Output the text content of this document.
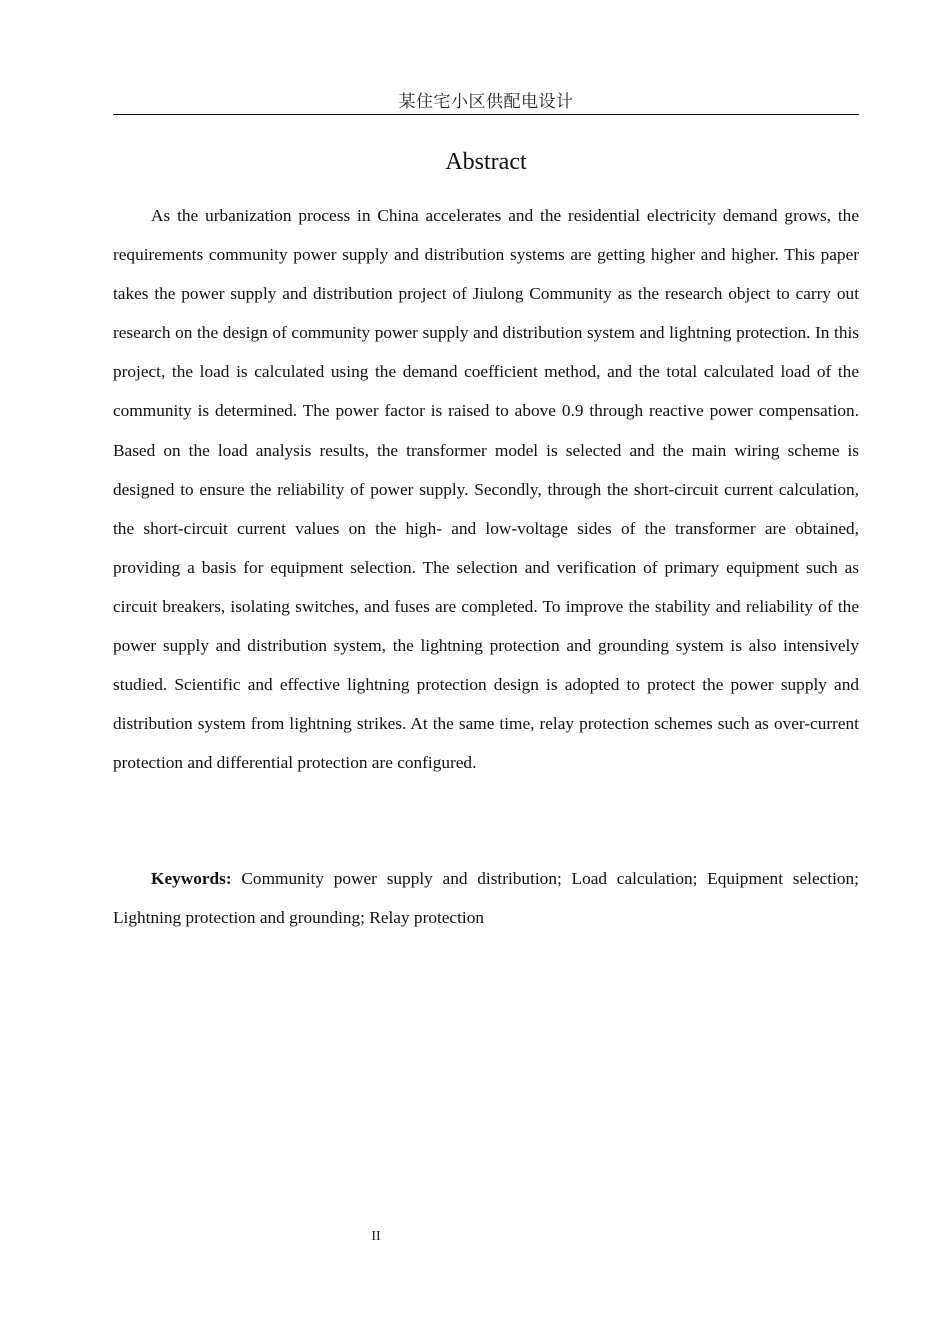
某住宅小区供配电设计
Abstract

As the urbanization process in China accelerates and the residential electricity demand grows, the requirements community power supply and distribution systems are getting higher and higher. This paper takes the power supply and distribution project of Jiulong Community as the research object to carry out research on the design of community power supply and distribution system and lightning protection. In this project, the load is calculated using the demand coefficient method, and the total calculated load of the community is determined. The power factor is raised to above 0.9 through reactive power compensation. Based on the load analysis results, the transformer model is selected and the main wiring scheme is designed to ensure the reliability of power supply. Secondly, through the short-circuit current calculation, the short-circuit current values on the high- and low-voltage sides of the transformer are obtained, providing a basis for equipment selection. The selection and verification of primary equipment such as circuit breakers, isolating switches, and fuses are completed. To improve the stability and reliability of the power supply and distribution system, the lightning protection and grounding system is also intensively studied. Scientific and effective lightning protection design is adopted to protect the power supply and distribution system from lightning strikes. At the same time, relay protection schemes such as over-current protection and differential protection are configured.

Keywords: Community power supply and distribution; Load calculation; Equipment selection; Lightning protection and grounding; Relay protection

II
